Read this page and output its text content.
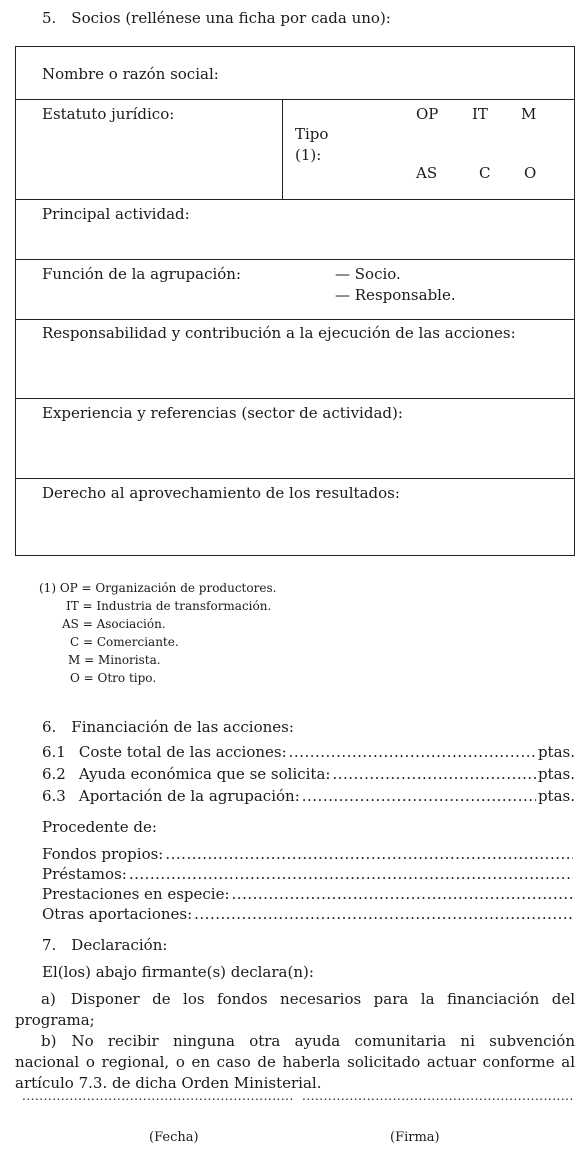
5. Socios (rellénese una ficha por cada uno):
Nombre o razón social:
Estatuto jurídico:
Tipo
(1):
OP IT M
AS	C O
Principal actividad:
Función de la agrupación:	— Socio.
— Responsable.
Responsabilidad y contribución a la ejecución de las acciones:
Experiencia y referencias (sector de actividad):
Derecho al aprovechamiento de los resultados:
(1) OP = Organización de productores.
IT = Industria de transformación.
AS = Asociación.
C = Comerciante.
M = Minorista.
O = Otro tipo.
6. Financiación de las acciones:
6.1 Coste total de las acciones: .....	ptas.
6.2 Ayuda económica que se solicita: .....	ptas.
6.3 Aportación de la agrupación: .....	ptas.
Procedente de:
Fondos propios:
.....
Préstamos:
.....
Prestaciones en especie:
.....
Otras aportaciones:
.....
7. Declaración:
El(los) abajo firmante(s) declara(n):
a) Disponer de los fondos necesarios para la financiación del programa;
b) No recibir ninguna otra ayuda comunitaria ni subvención nacional o regional, o en caso de haberla solicitado actuar conforme al artículo 7.3. de dicha Orden Ministerial.
.....
.....
(Fecha)	(Firma)
